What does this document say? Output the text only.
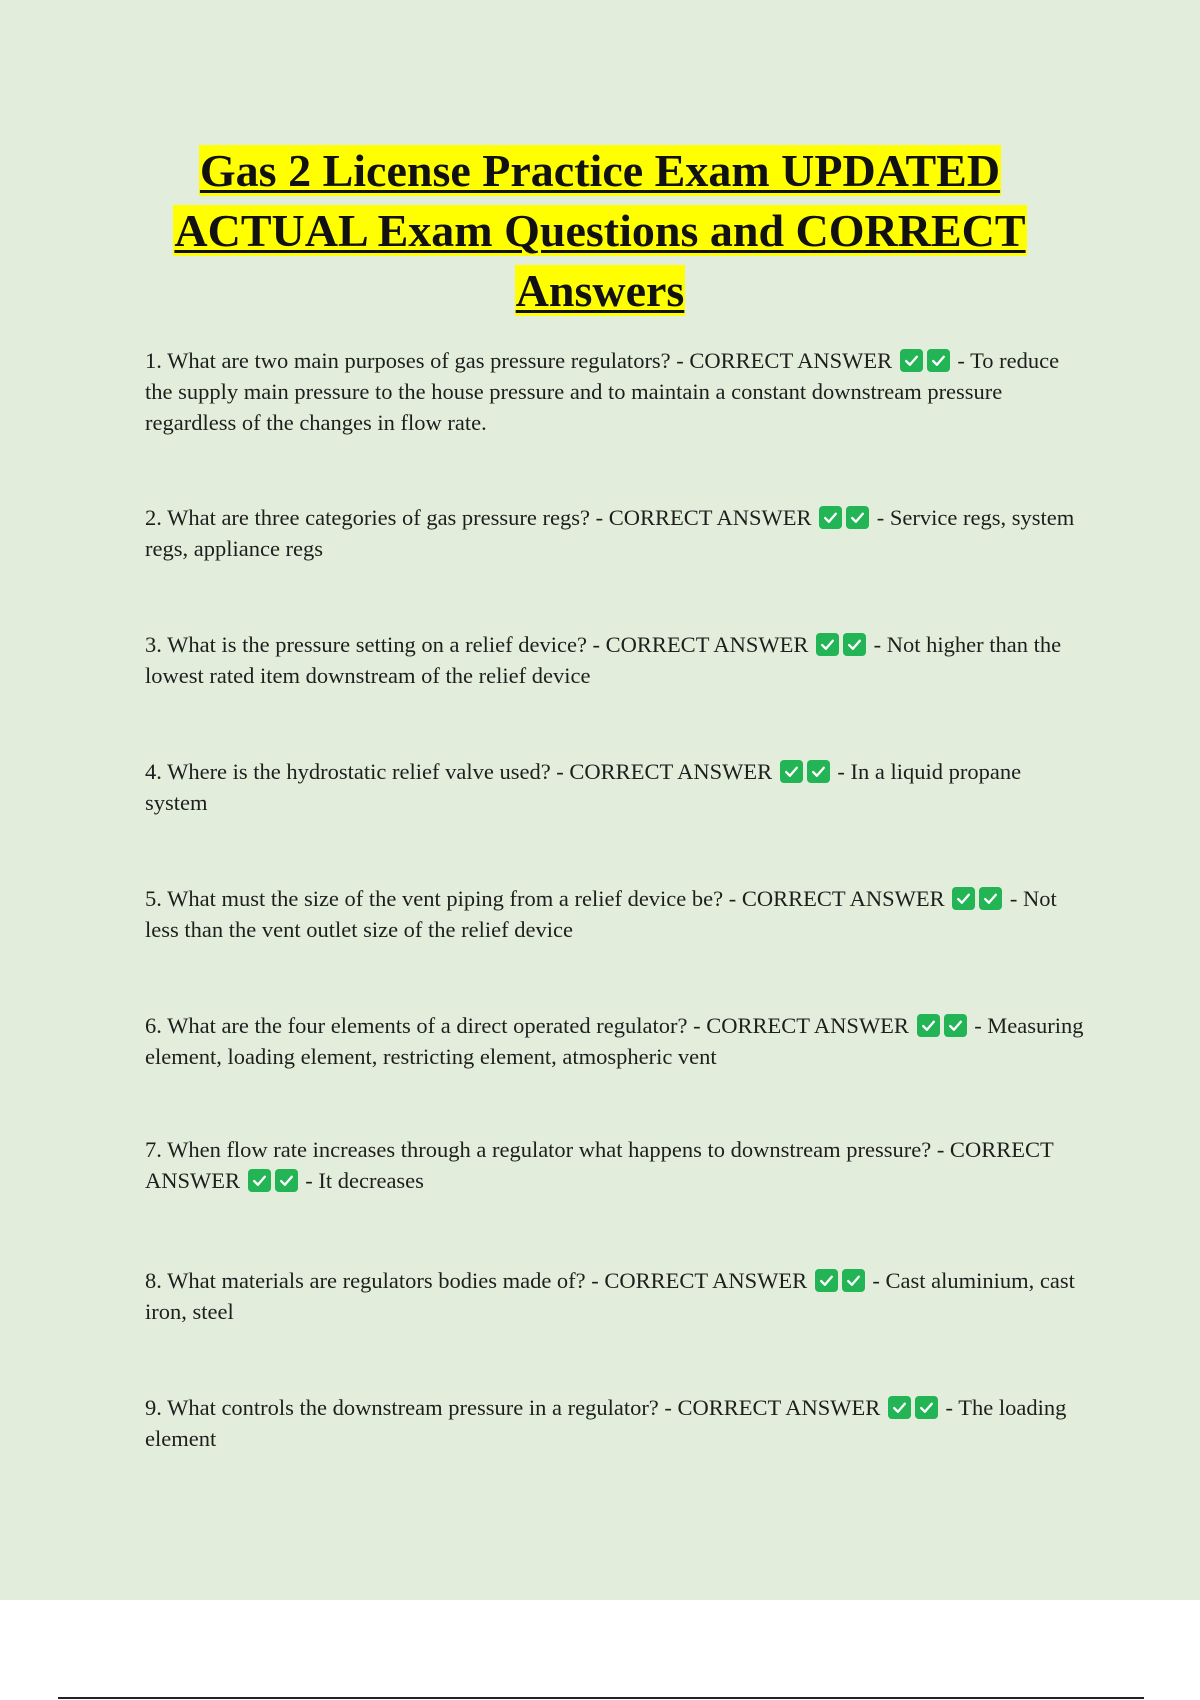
Gas 2 License Practice Exam UPDATED
ACTUAL Exam Questions and CORRECT
Answers
1. What are two main purposes of gas pressure regulators? - CORRECT ANSWER	- To reduce the supply main pressure to the house pressure and to maintain a constant downstream pressure regardless of the changes in flow rate.
2. What are three categories of gas pressure regs? - CORRECT ANSWER	- Service regs, system regs, appliance regs
3. What is the pressure setting on a relief device? - CORRECT ANSWER	- Not higher than the lowest rated item downstream of the relief device
4. Where is the hydrostatic relief valve used? - CORRECT ANSWER	- In a liquid propane system
5. What must the size of the vent piping from a relief device be? - CORRECT ANSWER	- Not less than the vent outlet size of the relief device
6. What are the four elements of a direct operated regulator? - CORRECT ANSWER	- Measuring element, loading element, restricting element, atmospheric vent
7. When flow rate increases through a regulator what happens to downstream pressure? - CORRECT ANSWER	- It decreases
8. What materials are regulators bodies made of? - CORRECT ANSWER	- Cast aluminium, cast iron, steel
9. What controls the downstream pressure in a regulator? - CORRECT ANSWER	- The loading element
